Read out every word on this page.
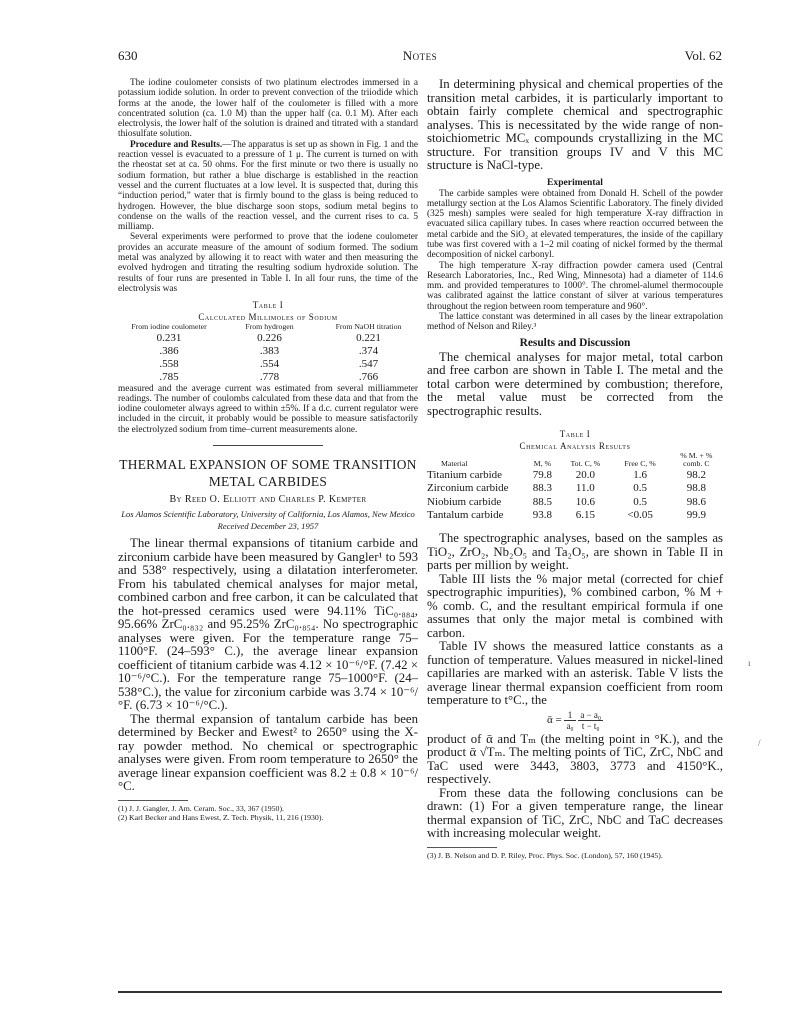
630	Notes	Vol. 62

The iodine coulometer consists of two platinum electrodes immersed in a potassium iodide solution. In order to prevent convection of the triiodide which forms at the anode, the lower half of the coulometer is filled with a more concentrated solution (ca. 1.0 M) than the upper half (ca. 0.1 M). After each electrolysis, the lower half of the solution is drained and titrated with a standard thiosulfate solution.

Procedure and Results.—The apparatus is set up as shown in Fig. 1 and the reaction vessel is evacuated to a pressure of 1 μ. The current is turned on with the rheostat set at ca. 50 ohms. For the first minute or two there is usually no sodium formation, but rather a blue discharge is established in the reaction vessel and the current fluctuates at a low level. It is suspected that, during this “induction period,” water that is firmly bound to the glass is being reduced to hydrogen. However, the blue discharge soon stops, sodium metal begins to condense on the walls of the reaction vessel, and the current rises to ca. 5 milliamp.

Several experiments were performed to prove that the iodene coulometer provides an accurate measure of the amount of sodium formed. The sodium metal was analyzed by allowing it to react with water and then measuring the evolved hydrogen and titrating the resulting sodium hydroxide solution. The results of four runs are presented in Table I. In all four runs, the time of the electrolysis was

Table I
Calculated Millimoles of Sodium
From iodine coulometer	From hydrogen	From NaOH titration
0.231	0.226	0.221
.386	.383	.374
.558	.554	.547
.785	.778	.766

measured and the average current was estimated from several milliammeter readings. The number of coulombs calculated from these data and that from the iodine coulometer always agreed to within ±5%. If a d.c. current regulator were included in the circuit, it probably would be possible to measure satisfactorily the electrolyzed sodium from time–current measurements alone.

THERMAL EXPANSION OF SOME TRANSITION METAL CARBIDES
By Reed O. Elliott and Charles P. Kempter
Los Alamos Scientific Laboratory, University of California, Los Alamos, New Mexico
Received December 23, 1957

The linear thermal expansions of titanium carbide and zirconium carbide have been measured by Gangler¹ to 593 and 538° respectively, using a dilatation interferometer. From his tabulated chemical analyses for major metal, combined carbon and free carbon, it can be calculated that the hot-pressed ceramics used were 94.11% TiC₀.₈₈₄, 95.66% ZrC₀.₈₃₂ and 95.25% ZrC₀.₈₅₄. No spectrographic analyses were given. For the temperature range 75–1100°F. (24–593° C.), the average linear expansion coefficient of titanium carbide was 4.12 × 10⁻⁶/°F. (7.42 × 10⁻⁶/°C.). For the temperature range 75–1000°F. (24–538°C.), the value for zirconium carbide was 3.74 × 10⁻⁶/°F. (6.73 × 10⁻⁶/°C.).

The thermal expansion of tantalum carbide has been determined by Becker and Ewest² to 2650° using the X-ray powder method. No chemical or spectrographic analyses were given. From room temperature to 2650° the average linear expansion coefficient was 8.2 ± 0.8 × 10⁻⁶/°C.

(1) J. J. Gangler, J. Am. Ceram. Soc., 33, 367 (1950).

(2) Karl Becker and Hans Ewest, Z. Tech. Physik, 11, 216 (1930).

In determining physical and chemical properties of the transition metal carbides, it is particularly important to obtain fairly complete chemical and spectrographic analyses. This is necessitated by the wide range of non-stoichiometric MCₓ compounds crystallizing in the MC structure. For transition groups IV and V this MC structure is NaCl-type.

Experimental

The carbide samples were obtained from Donald H. Schell of the powder metallurgy section at the Los Alamos Scientific Laboratory. The finely divided (325 mesh) samples were sealed for high temperature X-ray diffraction in evacuated silica capillary tubes. In cases where reaction occurred between the metal carbide and the SiO₂ at elevated temperatures, the inside of the capillary tube was first covered with a 1–2 mil coating of nickel formed by the thermal decomposition of nickel carbonyl.

The high temperature X-ray diffraction powder camera used (Central Research Laboratories, Inc., Red Wing, Minnesota) had a diameter of 114.6 mm. and provided temperatures to 1000°. The chromel-alumel thermocouple was calibrated against the lattice constant of silver at various temperatures throughout the region between room temperature and 960°.

The lattice constant was determined in all cases by the linear extrapolation method of Nelson and Riley.³

Results and Discussion

The chemical analyses for major metal, total carbon and free carbon are shown in Table I. The metal and the total carbon were determined by combustion; therefore, the metal value must be corrected from the spectrographic results.

Table I
Chemical Analysis Results
Material	M, %	Tot. C, %	Free C, %	% M. + % comb. C
Titanium carbide	79.8	20.0	1.6	98.2
Zirconium carbide	88.3	11.0	0.5	98.8
Niobium carbide	88.5	10.6	0.5	98.6
Tantalum carbide	93.8	6.15	<0.05	99.9

The spectrographic analyses, based on the samples as TiO₂, ZrO₂, Nb₂O₅ and Ta₂O₅, are shown in Table II in parts per million by weight.

Table III lists the % major metal (corrected for chief spectrographic impurities), % combined carbon, % M + % comb. C, and the resultant empirical formula if one assumes that only the major metal is combined with carbon.

Table IV shows the measured lattice constants as a function of temperature. Values measured in nickel-lined capillaries are marked with an asterisk. Table V lists the average linear thermal expansion coefficient from room temperature to t°C., the

ᾱ = $\frac{1}{\text{a₀}}$
$\frac{\text{a − a₀}}{\text{t − t₀}}$

product of ᾱ and Tₘ (the melting point in °K.), and the product ᾱ √Tₘ. The melting points of TiC, ZrC, NbC and TaC used were 3443, 3803, 3773 and 4150°K., respectively.

From these data the following conclusions can be drawn: (1) For a given temperature range, the linear thermal expansion of TiC, ZrC, NbC and TaC decreases with increasing molecular weight.

(3) J. B. Nelson and D. P. Riley, Proc. Phys. Soc. (London), 57, 160 (1945).

ı
/
